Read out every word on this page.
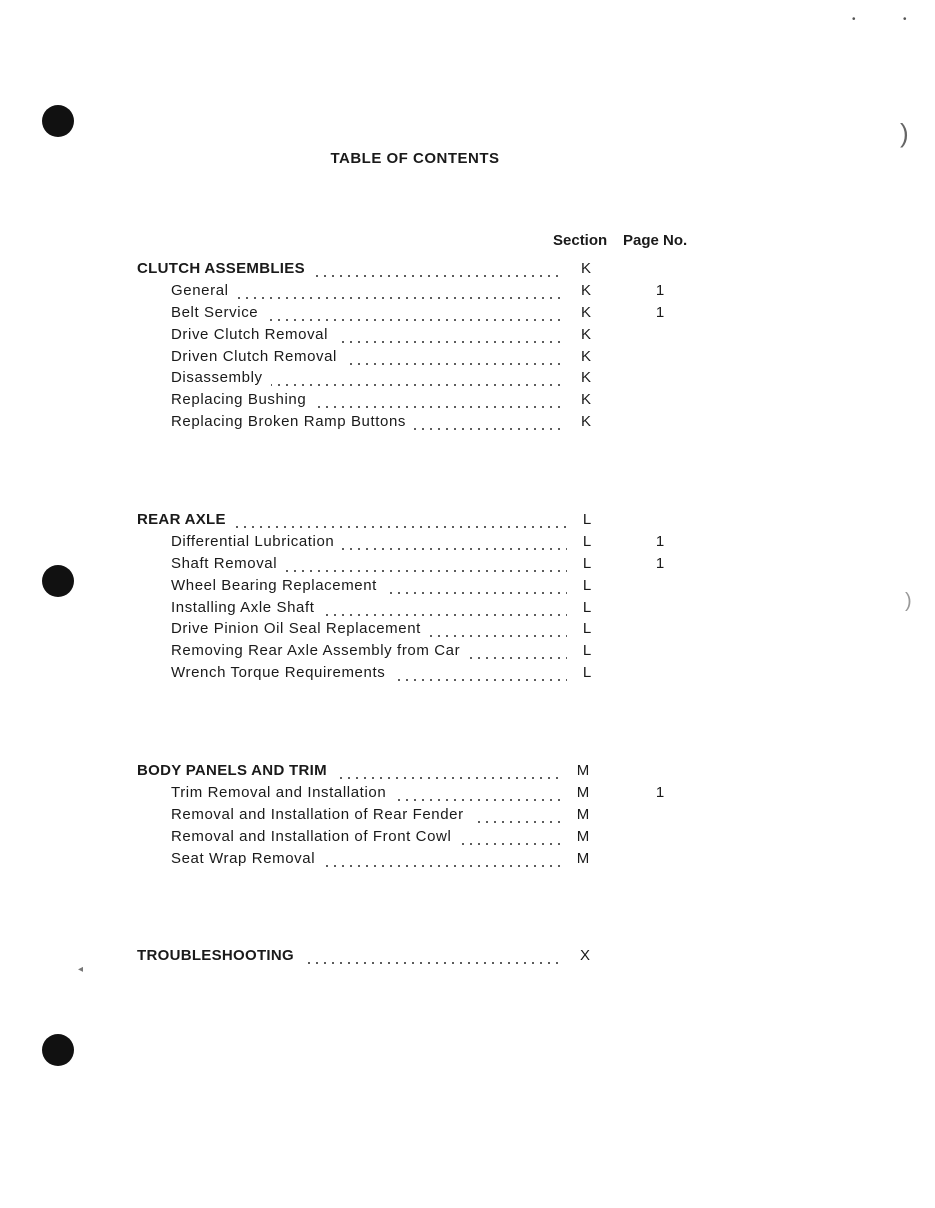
)
)
•	•
◂
TABLE OF CONTENTS
Section Page No.
CLUTCH ASSEMBLIES	K
General	K	1
Belt Service	K	1
Drive Clutch Removal	K
Driven Clutch Removal	K
Disassembly	K
Replacing Bushing	K
Replacing Broken Ramp Buttons	K
REAR AXLE	L
Differential Lubrication	L	1
Shaft Removal	L	1
Wheel Bearing Replacement	L
Installing Axle Shaft	L
Drive Pinion Oil Seal Replacement	L
Removing Rear Axle Assembly from Car	L
Wrench Torque Requirements	L
BODY PANELS AND TRIM	M
Trim Removal and Installation	M	1
Removal and Installation of Rear Fender	M
Removal and Installation of Front Cowl	M
Seat Wrap Removal	M
TROUBLESHOOTING	X
